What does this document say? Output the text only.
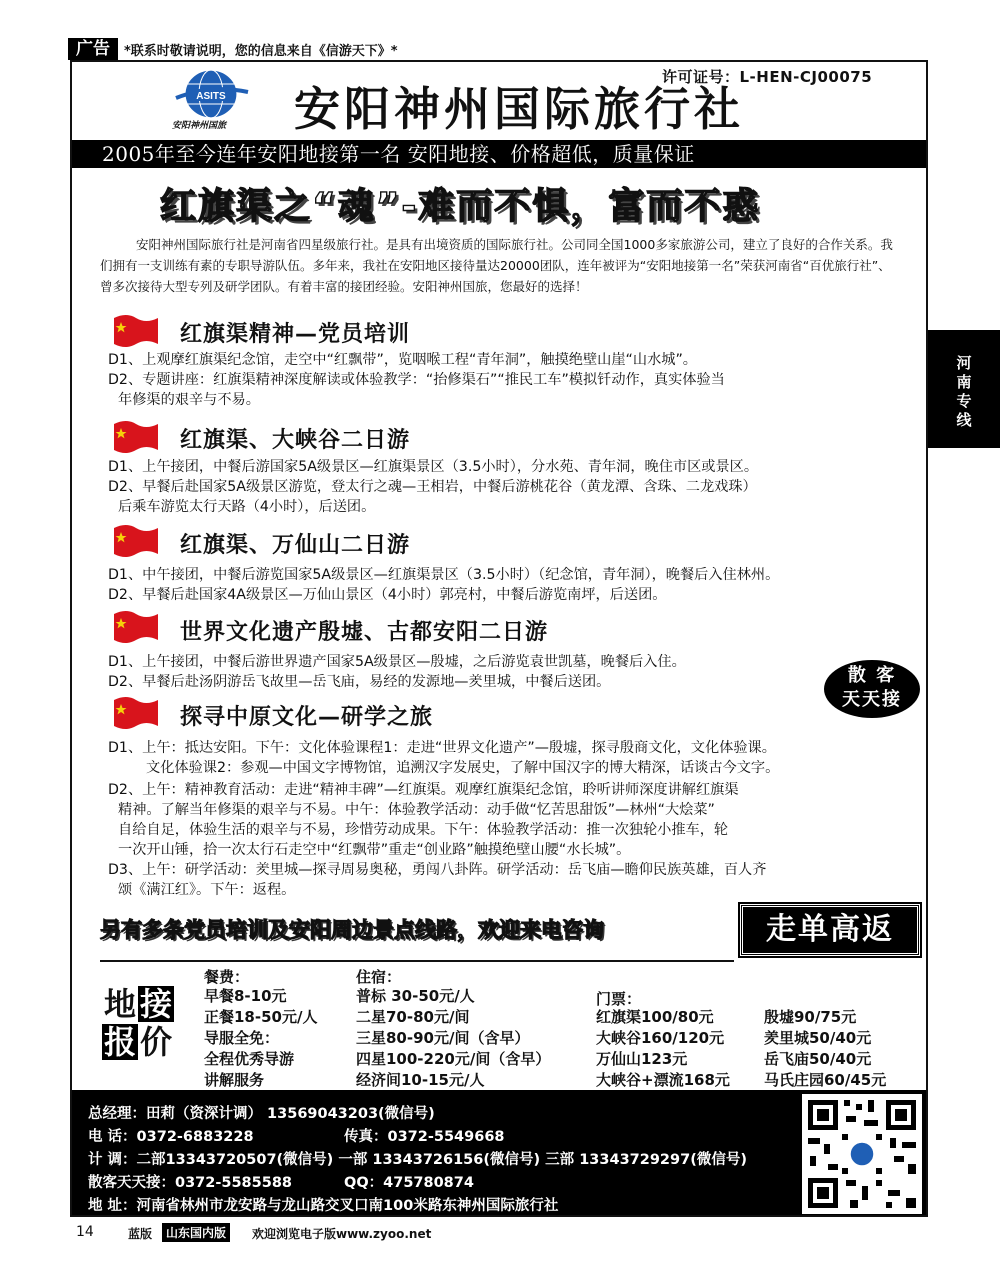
广告	*联系时敬请说明，您的信息来自《信游天下》*
河
南
专
线
ASITS
安阳神州国旅
许可证号：L-HEN-CJ00075
安阳神州国际旅行社
2005年至今连年安阳地接第一名 安阳地接、价格超低，质量保证
红旗渠之“魂”-难而不惧，富而不惑
安阳神州国际旅行社是河南省四星级旅行社。是具有出境资质的国际旅行社。公司同全国1000多家旅游公司，建立了良好的合作关系。我们拥有一支训练有素的专职导游队伍。多年来，我社在安阳地区接待量达20000团队，连年被评为“安阳地接第一名”荣获河南省“百优旅行社”、曾多次接待大型专列及研学团队。有着丰富的接团经验。安阳神州国旅，您最好的选择！
红旗渠精神—党员培训
D1、上观摩红旗渠纪念馆，走空中“红飘带”，览咽喉工程“青年洞”，触摸绝壁山崖“山水城”。
D2、专题讲座：红旗渠精神深度解读或体验教学：“抬修渠石”“推民工车”模拟钎动作，真实体验当
年修渠的艰辛与不易。
红旗渠、大峡谷二日游
D1、上午接团，中餐后游国家5A级景区—红旗渠景区（3.5小时），分水苑、青年洞，晚住市区或景区。
D2、早餐后赴国家5A级景区游览，登太行之魂—王相岩，中餐后游桃花谷（黄龙潭、含珠、二龙戏珠）
后乘车游览太行天路（4小时），后送团。
红旗渠、万仙山二日游
D1、中午接团，中餐后游览国家5A级景区—红旗渠景区（3.5小时）（纪念馆，青年洞），晚餐后入住林州。
D2、早餐后赴国家4A级景区—万仙山景区（4小时）郭亮村，中餐后游览南坪，后送团。
世界文化遗产殷墟、古都安阳二日游
D1、上午接团，中餐后游世界遗产国家5A级景区—殷墟，之后游览袁世凯墓，晚餐后入住。
D2、早餐后赴汤阴游岳飞故里—岳飞庙，易经的发源地—羑里城，中餐后送团。	散 客
天天接
探寻中原文化—研学之旅
D1、上午：抵达安阳。下午：文化体验课程1：走进“世界文化遗产”—殷墟，探寻殷商文化，文化体验课。
文化体验课2：参观—中国文字博物馆，追溯汉字发展史，了解中国汉字的博大精深，话谈古今文字。
D2、上午：精神教育活动：走进“精神丰碑”—红旗渠。观摩红旗渠纪念馆，聆听讲师深度讲解红旗渠
精神。了解当年修渠的艰辛与不易。中午：体验教学活动：动手做“忆苦思甜饭”—林州“大烩菜”
自给自足，体验生活的艰辛与不易，珍惜劳动成果。下午：体验教学活动：推一次独轮小推车，轮
一次开山锤，拾一次太行石走空中“红飘带”重走“创业路”触摸绝壁山腰“水长城”。
D3、上午：研学活动：羑里城—探寻周易奥秘，勇闯八卦阵。研学活动：岳飞庙—瞻仰民族英雄，百人齐
颂《满江红》。下午：返程。
另有多条党员培训及安阳周边景点线路，欢迎来电咨询	走单高返
地 接
报 价
餐费：
早餐8-10元
正餐18-50元/人
导服全免：
全程优秀导游
讲解服务
住宿：
普标 30-50元/人
二星70-80元/间
三星80-90元/间（含早）
四星100-220元/间（含早）
经济间10-15元/人
门票：
红旗渠100/80元
大峡谷160/120元
万仙山123元
大峡谷+漂流168元
殷墟90/75元
羑里城50/40元
岳飞庙50/40元
马氏庄园60/45元
总经理：田莉（资深计调） 13569043203(微信号)
电 话：0372-6883228	传真：0372-5549668
计 调：二部13343720507(微信号) 一部 13343726156(微信号) 三部 13343729297(微信号)
散客天天接：0372-5585588	QQ：475780874
地 址：河南省林州市龙安路与龙山路交叉口南100米路东神州国际旅行社
14	蓝版	山东国内版	欢迎浏览电子版www.zyoo.net
